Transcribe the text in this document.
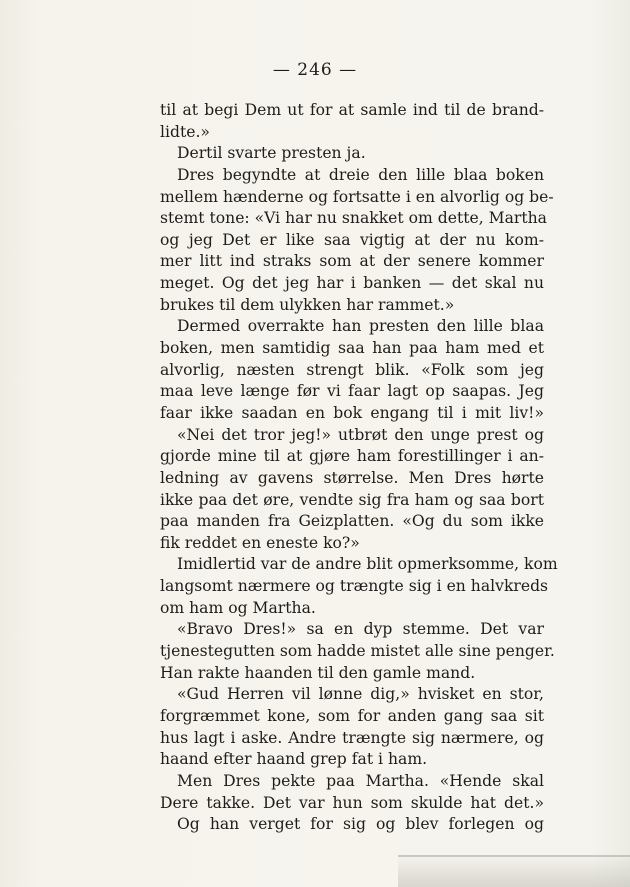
— 246 —
til at begi Dem ut for at samle ind til de brand-
lidte.»
Dertil svarte presten ja.
Dres begyndte at dreie den lille blaa boken
mellem hænderne og fortsatte i en alvorlig og be-
stemt tone: «Vi har nu snakket om dette, Martha
og jeg Det er like saa vigtig at der nu kom-
mer litt ind straks som at der senere kommer
meget. Og det jeg har i banken — det skal nu
brukes til dem ulykken har rammet.»
Dermed overrakte han presten den lille blaa
boken, men samtidig saa han paa ham med et
alvorlig, næsten strengt blik. «Folk som jeg
maa leve længe før vi faar lagt op saapas. Jeg
faar ikke saadan en bok engang til i mit liv!»
«Nei det tror jeg!» utbrøt den unge prest og
gjorde mine til at gjøre ham forestillinger i an-
ledning av gavens størrelse. Men Dres hørte
ikke paa det øre, vendte sig fra ham og saa bort
paa manden fra Geizplatten. «Og du som ikke
fik reddet en eneste ko?»
Imidlertid var de andre blit opmerksomme, kom
langsomt nærmere og trængte sig i en halvkreds
om ham og Martha.
«Bravo Dres!» sa en dyp stemme. Det var
tjenestegutten som hadde mistet alle sine penger.
Han rakte haanden til den gamle mand.
«Gud Herren vil lønne dig,» hvisket en stor,
forgræmmet kone, som for anden gang saa sit
hus lagt i aske. Andre trængte sig nærmere, og
haand efter haand grep fat i ham.
Men Dres pekte paa Martha. «Hende skal
Dere takke. Det var hun som skulde hat det.»
Og han verget for sig og blev forlegen og
